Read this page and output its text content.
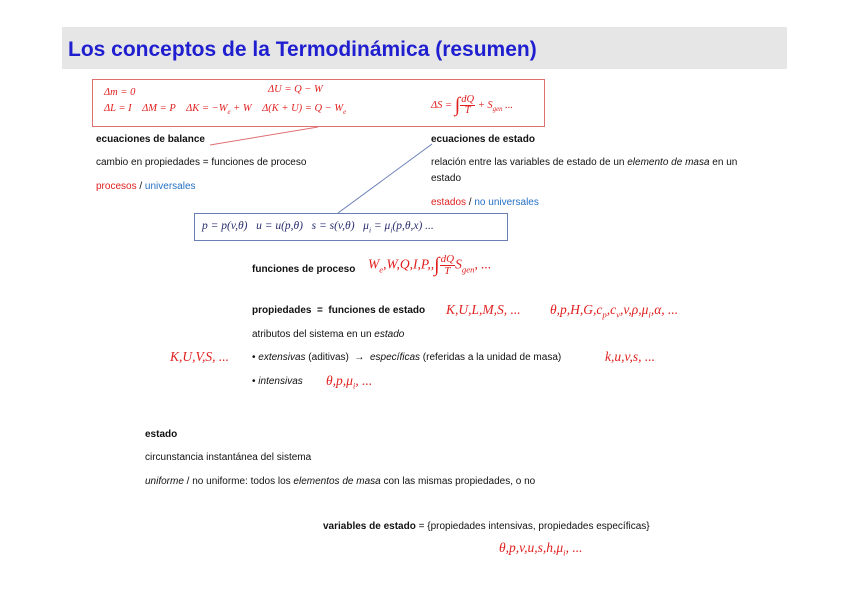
Los conceptos de la Termodinámica (resumen)
Δm = 0	ΔU = Q − W
ΔL = I    ΔM = P    $\Delta K = -W_e + W$    $\Delta(K + U) = Q - W_e$
ΔS = ∫ $\frac{dQ}{T} + S_{gen}$ ...
ecuaciones de balance
cambio en propiedades = funciones de proceso
procesos / universales
ecuaciones de estado
relación entre las variables de estado de un elemento de masa en un
estado
estados / no universales
p = p(v,θ)   u = u(p,θ)   s = s(v,θ)   $\mu_i = \mu_i(p,\theta,x)$ ...
funciones de proceso $W_e,W,Q,I,P,,\int \frac{dQ}{T} S_{gen}$, ...
propiedades  =  funciones de estado K,U,L,M,S, ... $\theta,p,H,G,c_p,c_v,v,\rho,\mu_i,\alpha$, ...
atributos del sistema en un estado
K,U,V,S, ... • extensivas (aditivas)  →  específicas (referidas a la unidad de masa)	k,u,v,s, ...
• intensivas $\theta,p,\mu_i$, ...
estado
circunstancia instantánea del sistema
uniforme / no uniforme: todos los elementos de masa con las mismas propiedades, o no
variables de estado = {propiedades intensivas, propiedades específicas}
$\theta,p,v,u,s,h,\mu_i$, ...
